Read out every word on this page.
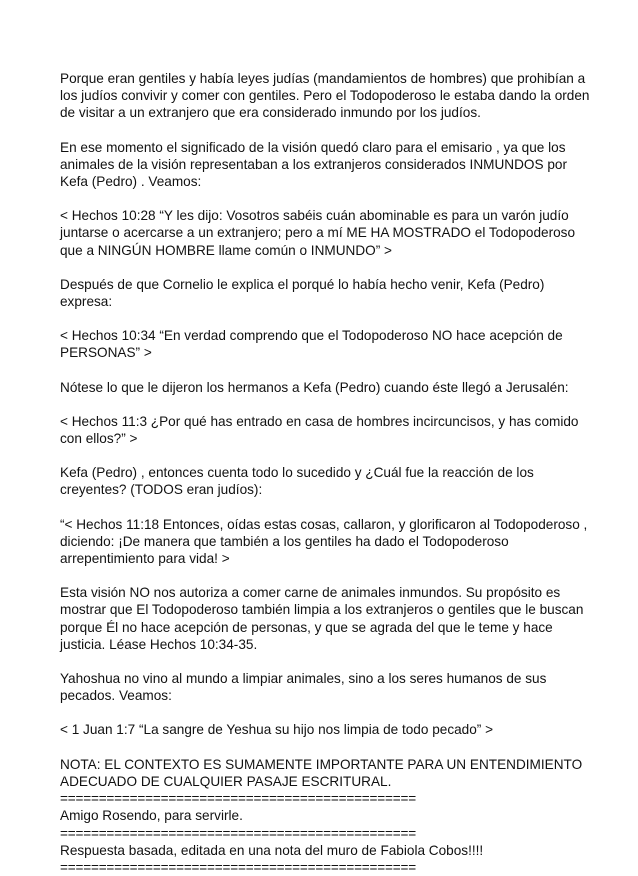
Porque eran gentiles y había leyes judías (mandamientos de hombres) que prohibían a los judíos convivir y comer con gentiles. Pero el Todopoderoso le estaba dando la orden de visitar a un extranjero que era considerado inmundo por los judíos.

En ese momento el significado de la visión quedó claro para el emisario , ya que los animales de la visión representaban a los extranjeros considerados INMUNDOS por Kefa (Pedro) . Veamos:

< Hechos 10:28 “Y les dijo: Vosotros sabéis cuán abominable es para un varón judío juntarse o acercarse a un extranjero; pero a mí ME HA MOSTRADO el Todopoderoso que a NINGÚN HOMBRE llame común o INMUNDO” >

Después de que Cornelio le explica el porqué lo había hecho venir, Kefa (Pedro) expresa:

< Hechos 10:34 “En verdad comprendo que el Todopoderoso NO hace acepción de PERSONAS” >

Nótese lo que le dijeron los hermanos a Kefa (Pedro) cuando éste llegó a Jerusalén:

< Hechos 11:3 ¿Por qué has entrado en casa de hombres incircuncisos, y has comido con ellos?” >

Kefa (Pedro) , entonces cuenta todo lo sucedido y ¿Cuál fue la reacción de los creyentes? (TODOS eran judíos):

“< Hechos 11:18 Entonces, oídas estas cosas, callaron, y glorificaron al Todopoderoso , diciendo: ¡De manera que también a los gentiles ha dado el Todopoderoso arrepentimiento para vida! >

Esta visión NO nos autoriza a comer carne de animales inmundos. Su propósito es mostrar que El Todopoderoso también limpia a los extranjeros o gentiles que le buscan porque Él no hace acepción de personas, y que se agrada del que le teme y hace justicia. Léase Hechos 10:34-35.

Yahoshua no vino al mundo a limpiar animales, sino a los seres humanos de sus pecados. Veamos:

< 1 Juan 1:7 “La sangre de Yeshua su hijo nos limpia de todo pecado” >

NOTA: EL CONTEXTO ES SUMAMENTE IMPORTANTE PARA UN ENTENDIMIENTO ADECUADO DE CUALQUIER PASAJE ESCRITURAL.

==============================================

Amigo Rosendo, para servirle.

==============================================

Respuesta basada, editada en una nota del muro de Fabiola Cobos!!!!

==============================================
